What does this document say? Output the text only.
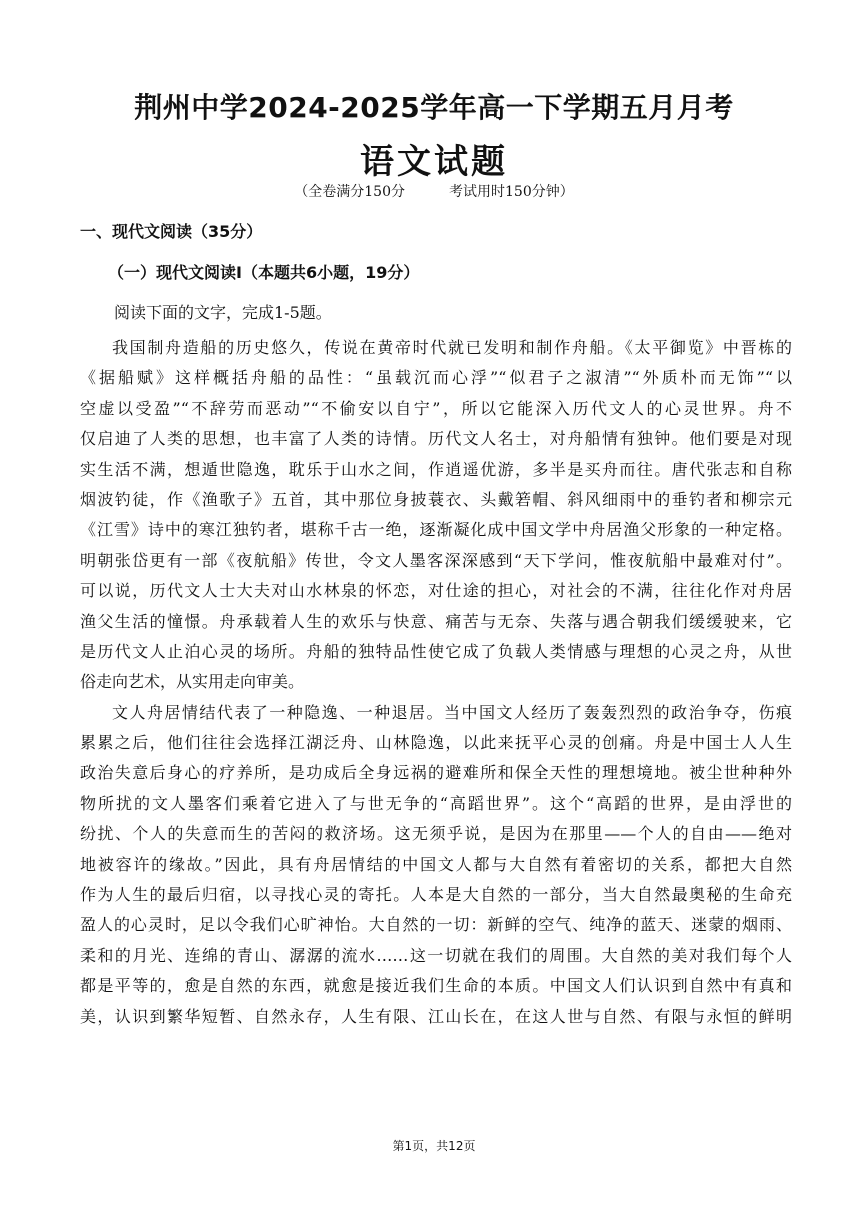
荆州中学2024-2025学年高一下学期五月月考
语文试题
（全卷满分150分	考试用时150分钟）
一、现代文阅读（35分）
（一）现代文阅读Ⅰ（本题共6小题，19分）
阅读下面的文字，完成1-5题。
我国制舟造船的历史悠久，传说在黄帝时代就已发明和制作舟船。《太平御览》中晋栋的
《据船赋》这样概括舟船的品性：“虽载沉而心浮”“似君子之淑清”“外质朴而无饰”“以
空虚以受盈”“不辞劳而恶动”“不偷安以自宁”，所以它能深入历代文人的心灵世界。舟不
仅启迪了人类的思想，也丰富了人类的诗情。历代文人名士，对舟船情有独钟。他们要是对现
实生活不满，想遁世隐逸，耽乐于山水之间，作逍遥优游，多半是买舟而往。唐代张志和自称
烟波钓徒，作《渔歌子》五首，其中那位身披蓑衣、头戴箬帽、斜风细雨中的垂钓者和柳宗元
《江雪》诗中的寒江独钓者，堪称千古一绝，逐渐凝化成中国文学中舟居渔父形象的一种定格。
明朝张岱更有一部《夜航船》传世，令文人墨客深深感到“天下学问，惟夜航船中最难对付”。
可以说，历代文人士大夫对山水林泉的怀恋，对仕途的担心，对社会的不满，往往化作对舟居
渔父生活的憧憬。舟承载着人生的欢乐与快意、痛苦与无奈、失落与遇合朝我们缓缓驶来，它
是历代文人止泊心灵的场所。舟船的独特品性使它成了负载人类情感与理想的心灵之舟，从世
俗走向艺术，从实用走向审美。
文人舟居情结代表了一种隐逸、一种退居。当中国文人经历了轰轰烈烈的政治争夺，伤痕
累累之后，他们往往会选择江湖泛舟、山林隐逸，以此来抚平心灵的创痛。舟是中国士人人生
政治失意后身心的疗养所，是功成后全身远祸的避难所和保全天性的理想境地。被尘世种种外
物所扰的文人墨客们乘着它进入了与世无争的“高蹈世界”。这个“高蹈的世界，是由浮世的
纷扰、个人的失意而生的苦闷的救济场。这无须乎说，是因为在那里——个人的自由——绝对
地被容许的缘故。”因此，具有舟居情结的中国文人都与大自然有着密切的关系，都把大自然
作为人生的最后归宿，以寻找心灵的寄托。人本是大自然的一部分，当大自然最奥秘的生命充
盈人的心灵时，足以令我们心旷神怡。大自然的一切：新鲜的空气、纯净的蓝天、迷蒙的烟雨、
柔和的月光、连绵的青山、潺潺的流水……这一切就在我们的周围。大自然的美对我们每个人
都是平等的，愈是自然的东西，就愈是接近我们生命的本质。中国文人们认识到自然中有真和
美，认识到繁华短暂、自然永存，人生有限、江山长在，在这人世与自然、有限与永恒的鲜明
第1页，共12页
